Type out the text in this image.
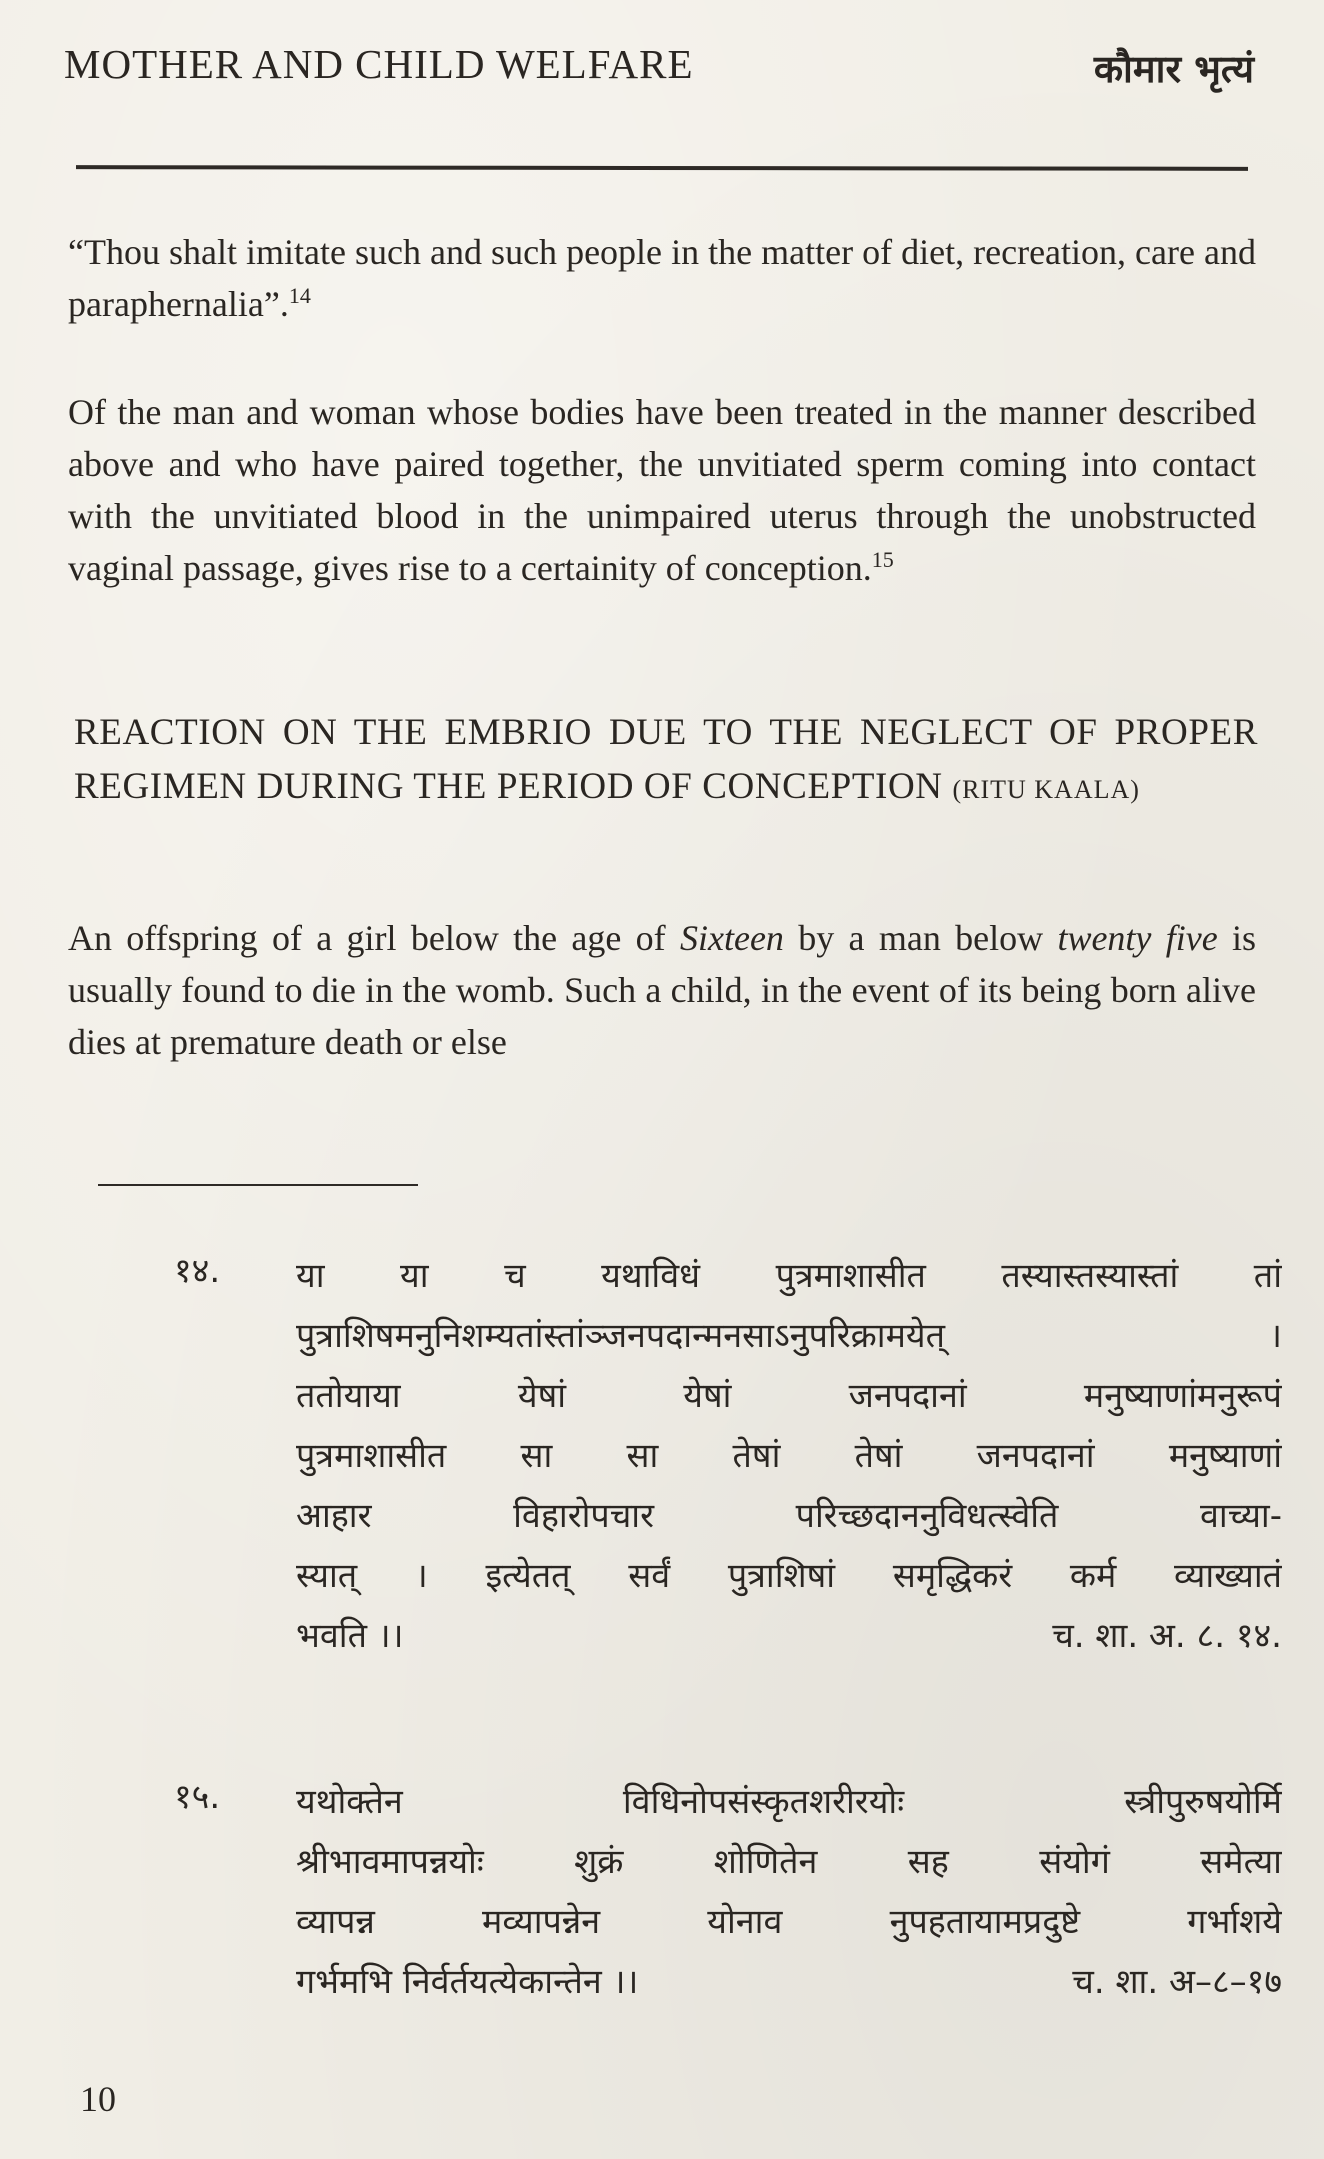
MOTHER AND CHILD WELFARE	कौमार भृत्यं

“Thou shalt imitate such and such people in the matter of diet, recreation, care and paraphernalia”.$^{14}$

Of the man and woman whose bodies have been treated in the manner described above and who have paired together, the unvitiated sperm coming into contact with the unvitiated blood in the unimpaired uterus through the unobstructed vaginal passage, gives rise to a certainity of conception.$^{15}$

REACTION ON THE EMBRIO DUE TO THE NEGLECT OF PROPER REGIMEN DURING THE PERIOD OF CONCEPTION (RITU KAALA)

An offspring of a girl below the age of Sixteen by a man below twenty five is usually found to die in the womb. Such a child, in the event of its being born alive dies at premature death or else

१४. या या च यथाविधं पुत्रमाशासीत तस्यास्तस्यास्तां तां
पुत्राशिषमनुनिशम्यतांस्तांञ्जनपदान्मनसाऽनुपरिक्रामयेत् ।
ततोयाया येषां येषां जनपदानां मनुष्याणांमनुरूपं
पुत्रमाशासीत सा सा तेषां तेषां जनपदानां मनुष्याणां
आहार विहारोपचार परिच्छदाननुविधत्स्वेति वाच्या-
स्यात् । इत्येतत् सर्वं पुत्राशिषां समृद्धिकरं कर्म व्याख्यातं
भवति ।।	च. शा. अ. ८. १४.
१५. यथोक्तेन विधिनोपसंस्कृतशरीरयोः स्त्रीपुरुषयोर्मि
श्रीभावमापन्नयोः शुक्रं शोणितेन सह संयोगं समेत्या
व्यापन्न मव्यापन्नेन योनाव नुपहतायामप्रदुष्टे गर्भाशये
गर्भमभि निर्वर्तयत्येकान्तेन ।।	च. शा. अ–८–१७
10
